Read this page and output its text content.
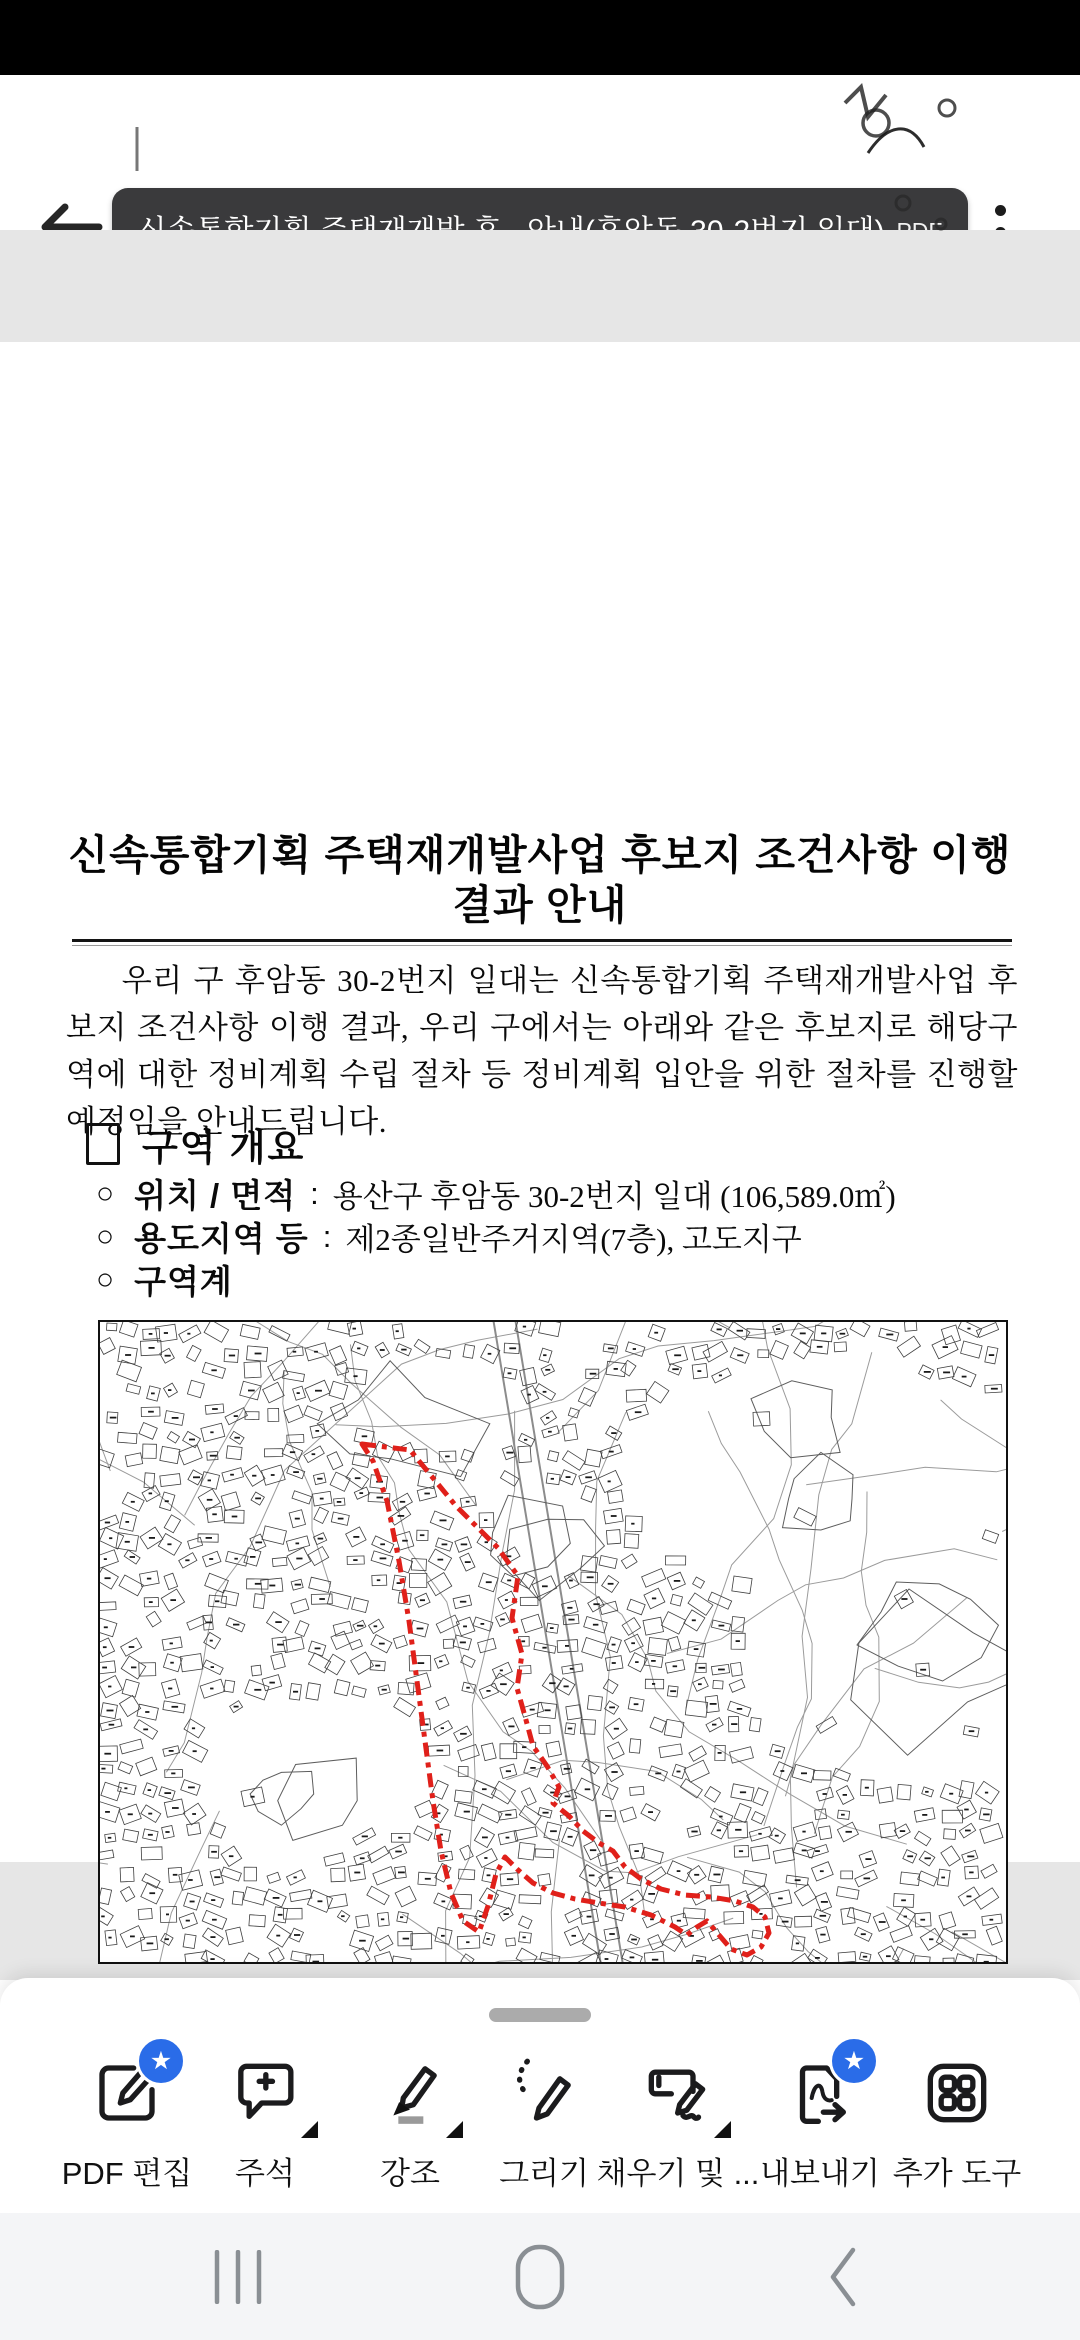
신속통합기획 주택재개발사업 후보지 조건사항 이행
결과 안내
우리 구 후암동 30-2번지 일대는 신속통합기획 주택재개발사업 후보지 조건사항 이행 결과, 우리 구에서는 아래와 같은 후보지로 해당구역에 대한 정비계획 수립 절차 등 정비계획 입안을 위한 절차를 진행할 예정임을 안내드립니다.
구역 개요
○ 위치 / 면적 : 용산구 후암동 30-2번지 일대 (106,589.0㎡)
○ 용도지역 등 : 제2종일반주거지역(7층), 고도지구
○ 구역계
★
PDF 편집 주석	강조 그리기 채우기 및 ...
★
내보내기 추가 도구
